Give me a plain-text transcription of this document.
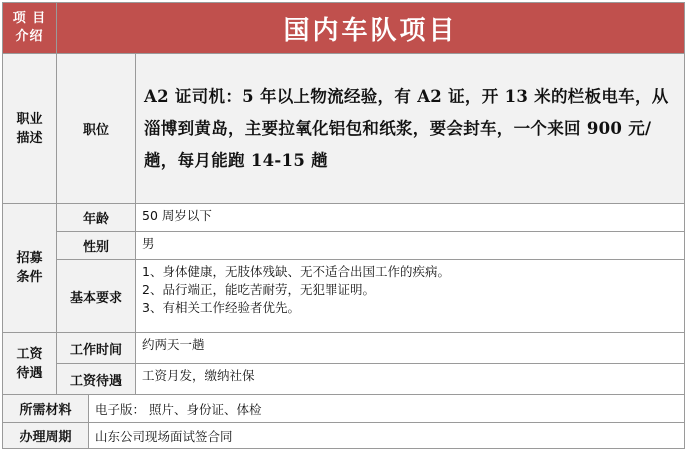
项 目
介绍	国内车队项目		
职业
描述	职位		A2 证司机：5 年以上物流经验，有 A2 证，开 13 米的栏板电车，从淄博到黄岛，主要拉氧化铝包和纸浆，要会封车，一个来回 900 元/趟，每月能跑 14-15 趟
招募
条件	年龄		50 周岁以下
	性别		男
	基本要求		1、身体健康，无肢体残缺、无不适合出国工作的疾病。
2、品行端正，能吃苦耐劳，无犯罪证明。
3、有相关工作经验者优先。

工资
待遇	工作时间		约两天一趟
	工资待遇		工资月发，缴纳社保
所需材料		电子版： 照片、身份证、体检	
办理周期		山东公司现场面试签合同	
